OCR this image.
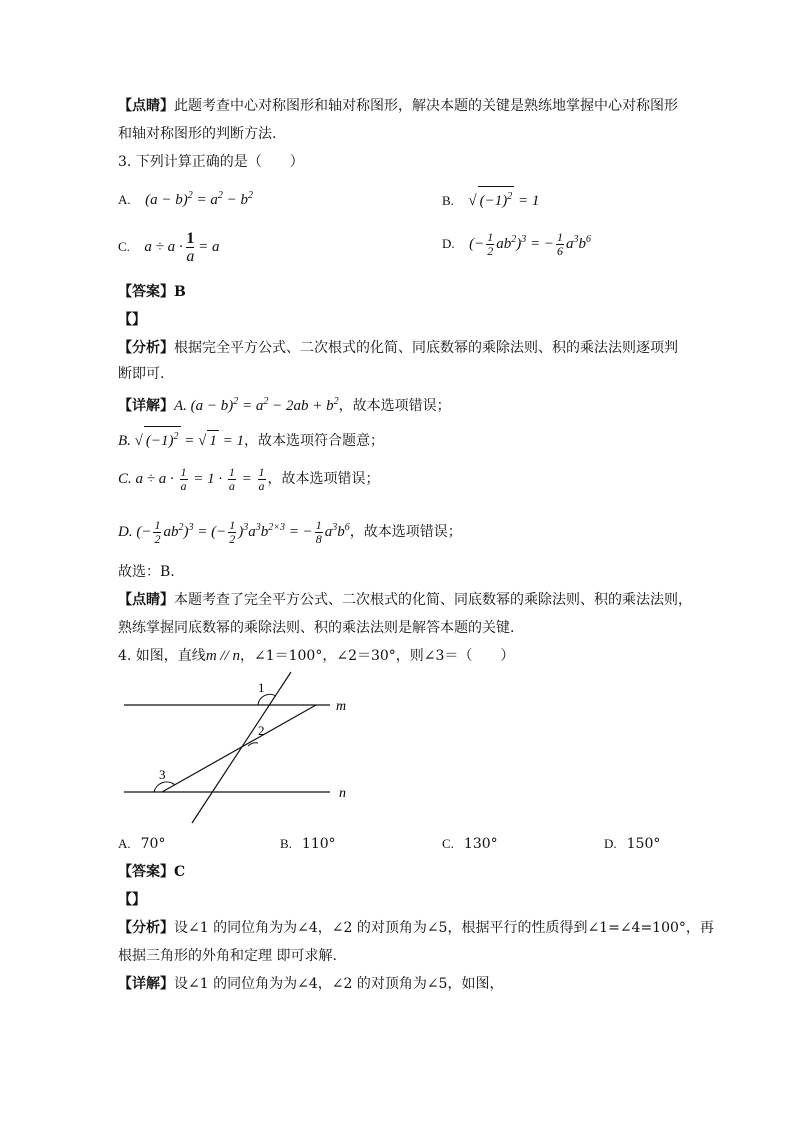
【点睛】此题考查中心对称图形和轴对称图形，解决本题的关键是熟练地掌握中心对称图形
和轴对称图形的判断方法.
3. 下列计算正确的是（　　）
A. $(a - b)^2 = a^2 - b^2$	B. √ $(-1)^2 = 1$
C. $a \div a \cdot \frac{1}{a} = a$	D. (− $\frac{1}{2} ab^2)^3$ = − $\frac{1}{6} a^3b^6$
【答案】B
【】
【分析】根据完全平方公式、二次根式的化简、同底数幂的乘除法则、积的乘法法则逐项判
断即可.
【详解】A. $(a - b)^2 = a^2 - 2ab + b^2$，故本选项错误；
B. √ $(-1)^2$ = √ 1 = 1，故本选项符合题意；
C. $a \div a \cdot \frac{1}{a} = 1 \cdot \frac{1}{a} = \frac{1}{a}$ ，故本选项错误；
D. (− $\frac{1}{2} ab^2)^3$ = (− $\frac{1}{2} )^3a^3b^{2\times 3}$ = − $\frac{1}{8} a^3b^6$，故本选项错误；
故选：B.
【点睛】本题考查了完全平方公式、二次根式的化简、同底数幂的乘除法则、积的乘法法则，
熟练掌握同底数幂的乘除法则、积的乘法法则是解答本题的关键.
4. 如图，直线m // n，∠1＝100°，∠2＝30°，则∠3＝（　　）
1
2
3
m
n
A. 70°	B. 110°	C. 130°	D. 150°
【答案】C
【】
【分析】设∠1 的同位角为为∠4，∠2 的对顶角为∠5，根据平行的性质得到∠1=∠4=100°，再
根据三角形的外角和定理 即可求解.
【详解】设∠1 的同位角为为∠4，∠2 的对顶角为∠5，如图，
